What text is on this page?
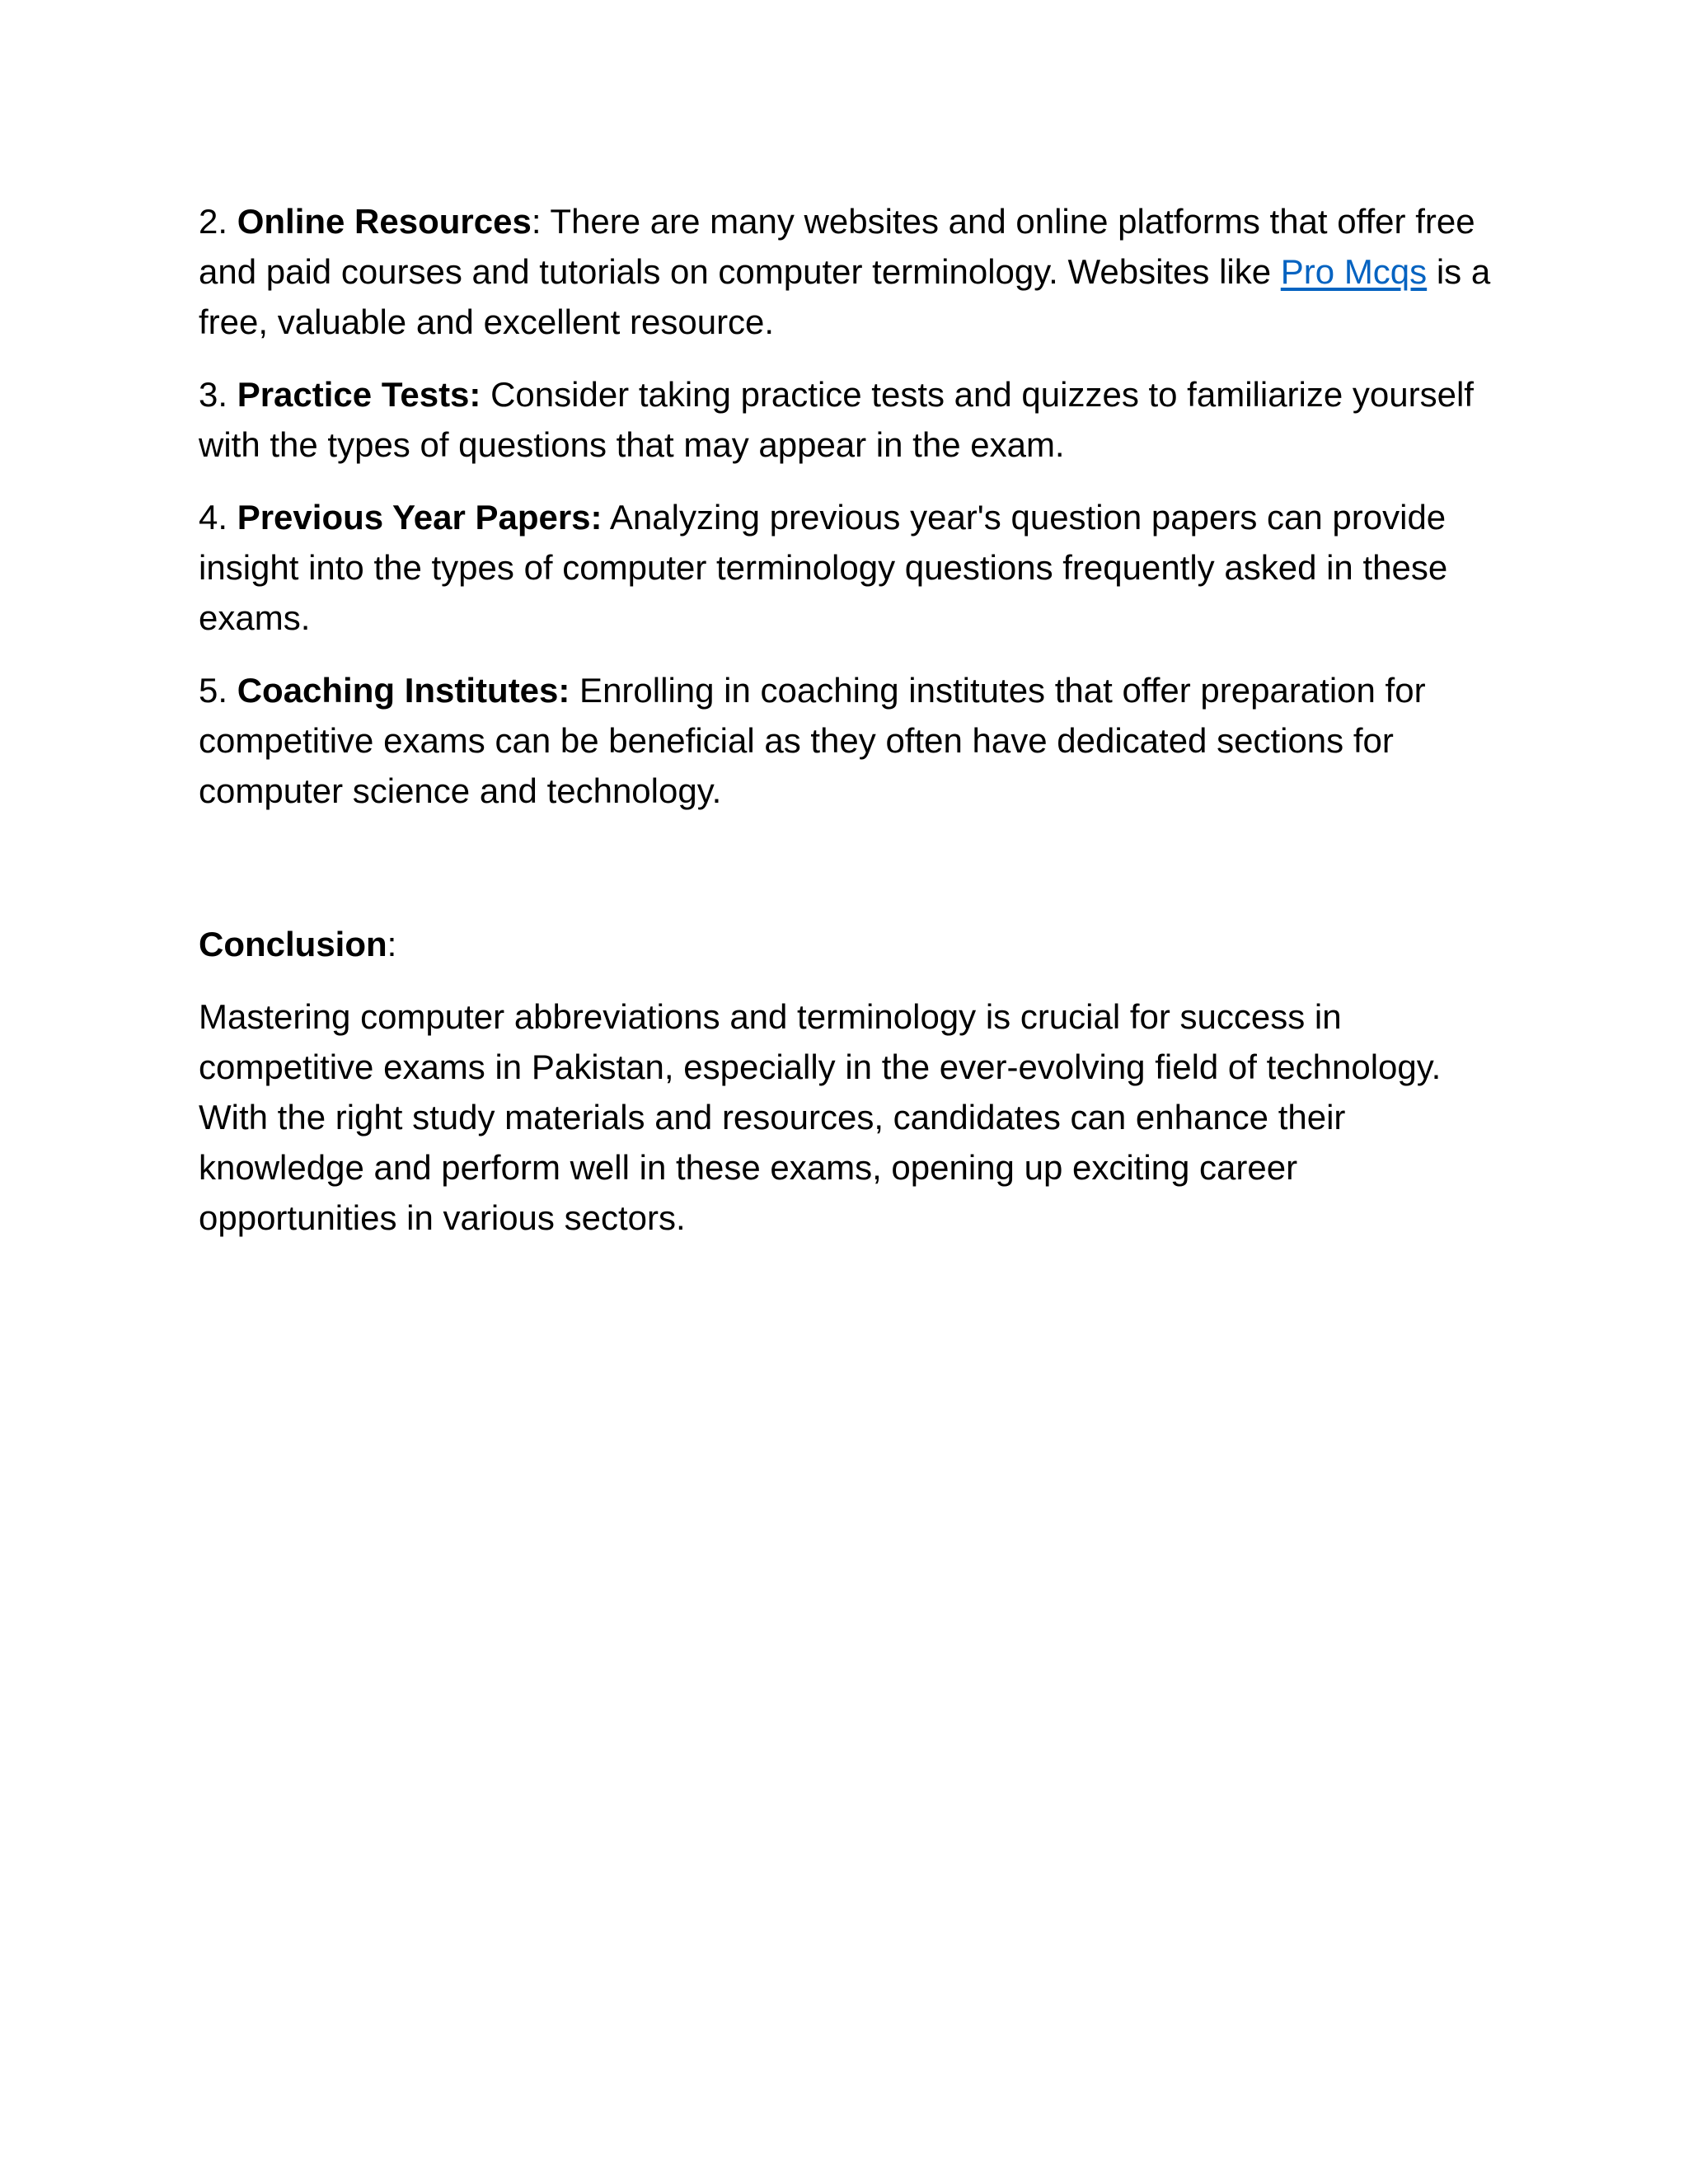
2. Online Resources: There are many websites and online platforms that offer free and paid courses and tutorials on computer terminology. Websites like Pro Mcqs is a free, valuable and excellent resource.

3. Practice Tests: Consider taking practice tests and quizzes to familiarize yourself with the types of questions that may appear in the exam.

4. Previous Year Papers: Analyzing previous year's question papers can provide insight into the types of computer terminology questions frequently asked in these exams.

5. Coaching Institutes: Enrolling in coaching institutes that offer preparation for competitive exams can be beneficial as they often have dedicated sections for computer science and technology.

Conclusion:

Mastering computer abbreviations and terminology is crucial for success in competitive exams in Pakistan, especially in the ever-evolving field of technology. With the right study materials and resources, candidates can enhance their knowledge and perform well in these exams, opening up exciting career opportunities in various sectors.
